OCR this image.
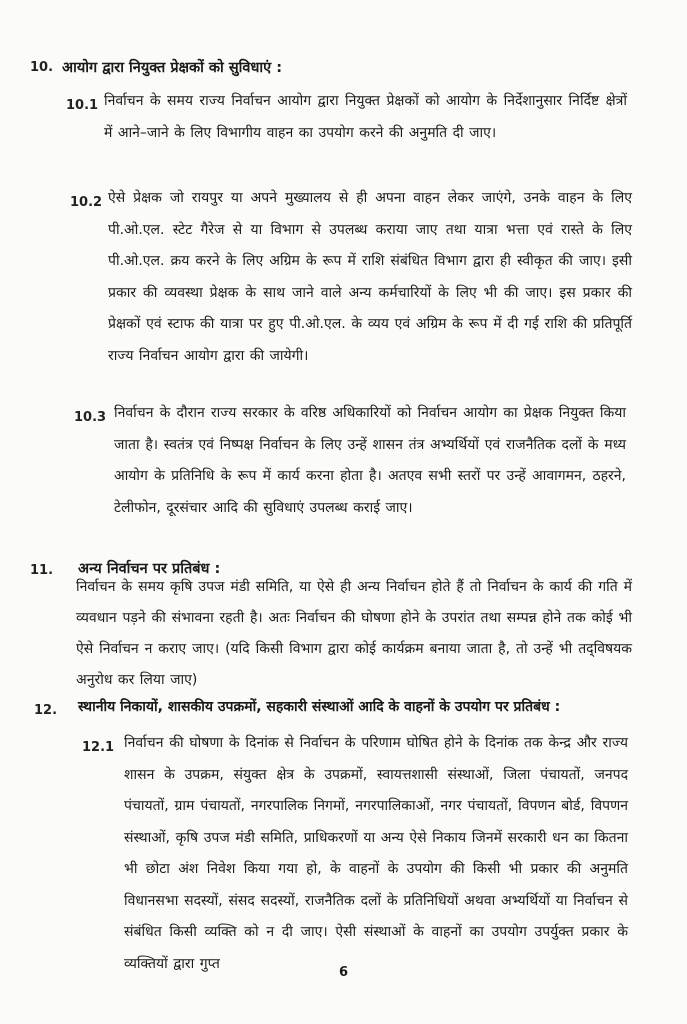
10. आयोग द्वारा नियुक्त प्रेक्षकों को सुविधाएं :
10.1 निर्वाचन के समय राज्य निर्वाचन आयोग द्वारा नियुक्त प्रेक्षकों को आयोग के निर्देशानुसार निर्दिष्ट क्षेत्रों में आने–जाने के लिए विभागीय वाहन का उपयोग करने की अनुमति दी जाए।
10.2 ऐसे प्रेक्षक जो रायपुर या अपने मुख्यालय से ही अपना वाहन लेकर जाएंगे, उनके वाहन के लिए पी.ओ.एल. स्टेट गैरेज से या विभाग से उपलब्ध कराया जाए तथा यात्रा भत्ता एवं रास्ते के लिए पी.ओ.एल. क्रय करने के लिए अग्रिम के रूप में राशि संबंधित विभाग द्वारा ही स्वीकृत की जाए। इसी प्रकार की व्यवस्था प्रेक्षक के साथ जाने वाले अन्य कर्मचारियों के लिए भी की जाए। इस प्रकार की प्रेक्षकों एवं स्टाफ की यात्रा पर हुए पी.ओ.एल. के व्यय एवं अग्रिम के रूप में दी गई राशि की प्रतिपूर्ति राज्य निर्वाचन आयोग द्वारा की जायेगी।
10.3 निर्वाचन के दौरान राज्य सरकार के वरिष्ठ अधिकारियों को निर्वाचन आयोग का प्रेक्षक नियुक्त किया जाता है। स्वतंत्र एवं निष्पक्ष निर्वाचन के लिए उन्हें शासन तंत्र अभ्यर्थियों एवं राजनैतिक दलों के मध्य आयोग के प्रतिनिधि के रूप में कार्य करना होता है। अतएव सभी स्तरों पर उन्हें आवागमन, ठहरने, टेलीफोन, दूरसंचार आदि की सुविधाएं उपलब्ध कराई जाए।
11. अन्य निर्वाचन पर प्रतिबंध :
निर्वाचन के समय कृषि उपज मंडी समिति, या ऐसे ही अन्य निर्वाचन होते हैं तो निर्वाचन के कार्य की गति में व्यवधान पड़ने की संभावना रहती है। अतः निर्वाचन की घोषणा होने के उपरांत तथा सम्पन्न होने तक कोई भी ऐसे निर्वाचन न कराए जाए। (यदि किसी विभाग द्वारा कोई कार्यक्रम बनाया जाता है, तो उन्हें भी तद्‌विषयक अनुरोध कर लिया जाए)
12. स्थानीय निकायों, शासकीय उपक्रमों, सहकारी संस्थाओं आदि के वाहनों के उपयोग पर प्रतिबंध :
12.1 निर्वाचन की घोषणा के दिनांक से निर्वाचन के परिणाम घोषित होने के दिनांक तक केन्द्र और राज्य शासन के उपक्रम, संयुक्त क्षेत्र के उपक्रमों, स्वायत्तशासी संस्थाओं, जिला पंचायतों, जनपद पंचायतों, ग्राम पंचायतों, नगरपालिक निगमों, नगरपालिकाओं, नगर पंचायतों, विपणन बोर्ड, विपणन संस्थाओं, कृषि उपज मंडी समिति, प्राधिकरणों या अन्य ऐसे निकाय जिनमें सरकारी धन का कितना भी छोटा अंश निवेश किया गया हो, के वाहनों के उपयोग की किसी भी प्रकार की अनुमति विधानसभा सदस्यों, संसद सदस्यों, राजनैतिक दलों के प्रतिनिधियों अथवा अभ्यर्थियों या निर्वाचन से संबंधित किसी व्यक्ति को न दी जाए। ऐसी संस्थाओं के वाहनों का उपयोग उपर्युक्त प्रकार के व्यक्तियों द्वारा गुप्त
6
